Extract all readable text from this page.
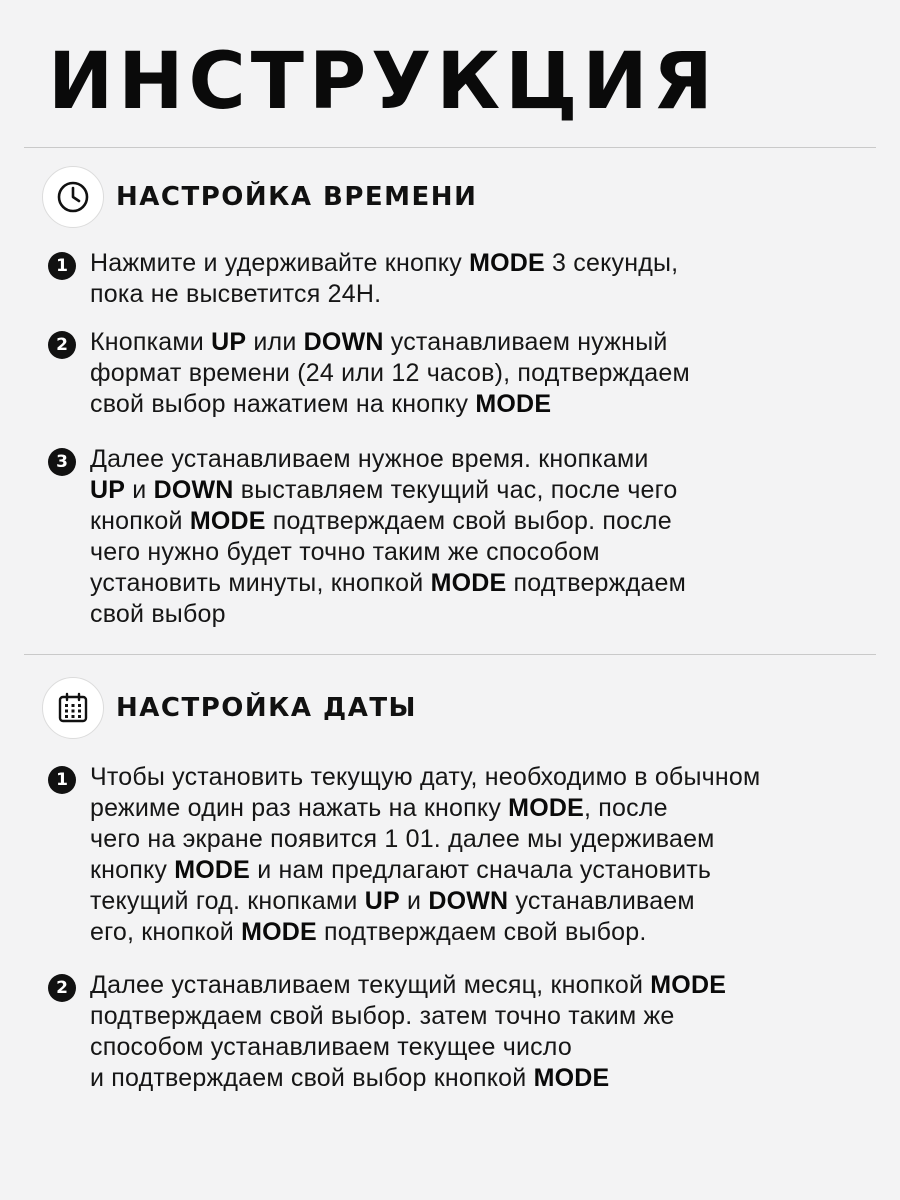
ИНСТРУКЦИЯ
НАСТРОЙКА ВРЕМЕНИ
1 Нажмите и удерживайте кнопку MODE 3 секунды,
пока не высветится 24H.
2 Кнопками UP или DOWN устанавливаем нужный
формат времени (24 или 12 часов), подтверждаем
свой выбор нажатием на кнопку MODE
3 Далее устанавливаем нужное время. кнопками
UP и DOWN выставляем текущий час, после чего
кнопкой MODE подтверждаем свой выбор. после
чего нужно будет точно таким же способом
установить минуты, кнопкой MODE подтверждаем
свой выбор
НАСТРОЙКА ДАТЫ
1 Чтобы установить текущую дату, необходимо в обычном
режиме один раз нажать на кнопку MODE, после
чего на экране появится 1 01. далее мы удерживаем
кнопку MODE и нам предлагают сначала установить
текущий год. кнопками UP и DOWN устанавливаем
его, кнопкой MODE подтверждаем свой выбор.
2 Далее устанавливаем текущий месяц, кнопкой MODE
подтверждаем свой выбор. затем точно таким же
способом устанавливаем текущее число
и подтверждаем свой выбор кнопкой MODE
